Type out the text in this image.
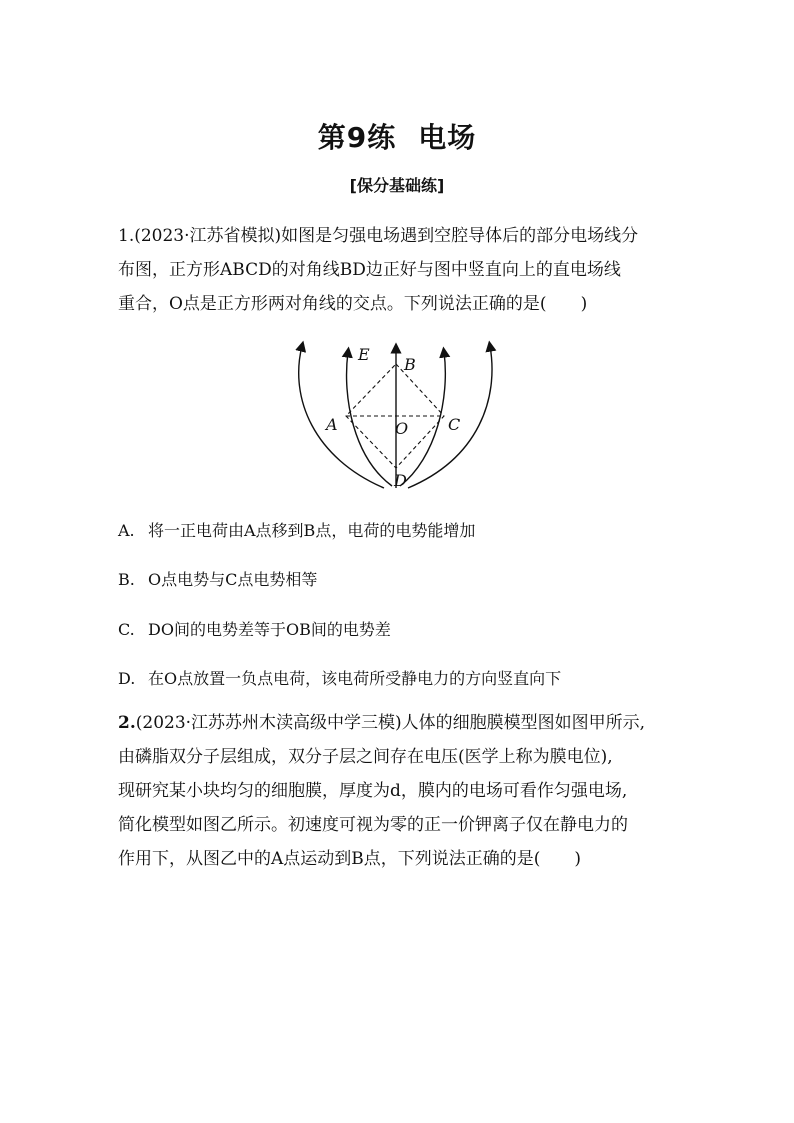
第9练 电场
[保分基础练]
1.(2023·江苏省模拟)如图是匀强电场遇到空腔导体后的部分电场线分
布图，正方形ABCD的对角线BD边正好与图中竖直向上的直电场线
重合，O点是正方形两对角线的交点。下列说法正确的是(　　)
E
B
A	O C
D
A. 将一正电荷由A点移到B点，电荷的电势能增加
B. O点电势与C点电势相等
C. DO间的电势差等于OB间的电势差
D. 在O点放置一负点电荷，该电荷所受静电力的方向竖直向下
2.(2023·江苏苏州木渎高级中学三模)人体的细胞膜模型图如图甲所示,
由磷脂双分子层组成，双分子层之间存在电压(医学上称为膜电位),
现研究某小块均匀的细胞膜，厚度为d，膜内的电场可看作匀强电场,
简化模型如图乙所示。初速度可视为零的正一价钾离子仅在静电力的
作用下，从图乙中的A点运动到B点，下列说法正确的是(　　)
